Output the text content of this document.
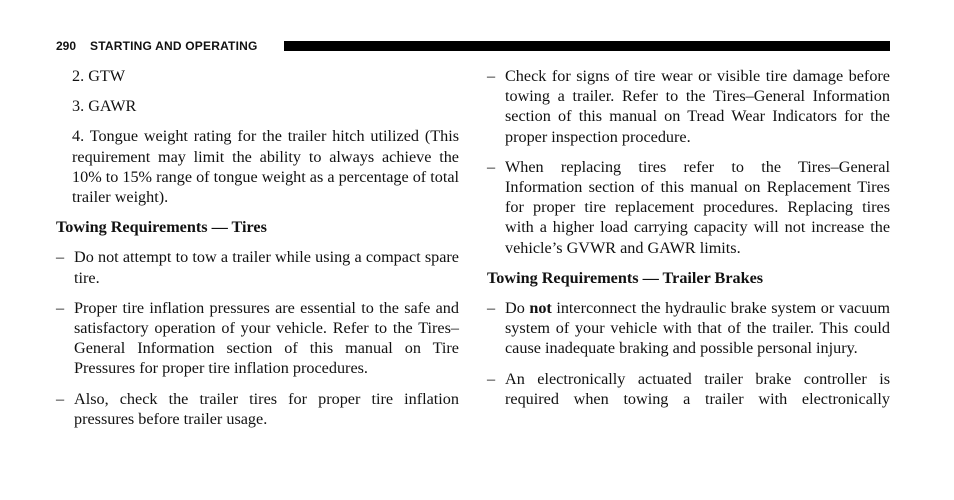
290 STARTING AND OPERATING

2. GTW

3. GAWR

4. Tongue weight rating for the trailer hitch utilized (This requirement may limit the ability to always achieve the 10% to 15% range of tongue weight as a percentage of total trailer weight).

Towing Requirements — Tires

– Do not attempt to tow a trailer while using a compact spare tire.

– Proper tire inflation pressures are essential to the safe and satisfactory operation of your vehicle. Refer to the Tires–General Information section of this manual on Tire Pressures for proper tire inflation procedures.

– Also, check the trailer tires for proper tire inflation pressures before trailer usage.

– Check for signs of tire wear or visible tire damage before towing a trailer. Refer to the Tires–General Information section of this manual on Tread Wear Indicators for the proper inspection procedure.

– When replacing tires refer to the Tires–General Information section of this manual on Replacement Tires for proper tire replacement procedures. Replacing tires with a higher load carrying capacity will not increase the vehicle’s GVWR and GAWR limits.

Towing Requirements — Trailer Brakes

– Do not interconnect the hydraulic brake system or vacuum system of your vehicle with that of the trailer. This could cause inadequate braking and possible personal injury.

– An electronically actuated trailer brake controller is required when towing a trailer with electronically
